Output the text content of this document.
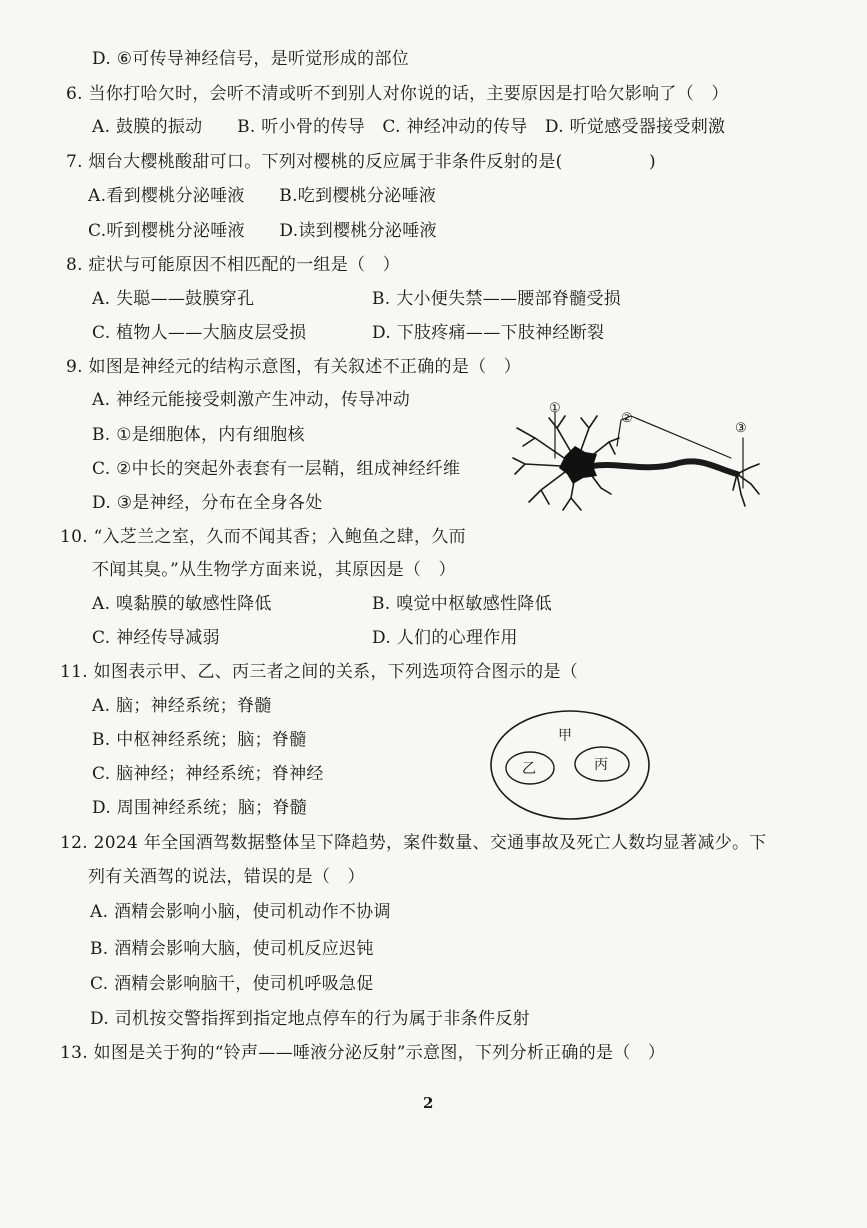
D. ⑥可传导神经信号，是听觉形成的部位
6. 当你打哈欠时，会听不清或听不到别人对你说的话，主要原因是打哈欠影响了（　）
A. 鼓膜的振动　　B. 听小骨的传导　C. 神经冲动的传导　D. 听觉感受器接受刺激
7. 烟台大樱桃酸甜可口。下列对樱桃的反应属于非条件反射的是(　　　　　)
A.看到樱桃分泌唾液　　B.吃到樱桃分泌唾液
C.听到樱桃分泌唾液　　D.读到樱桃分泌唾液
8. 症状与可能原因不相匹配的一组是（　）
A. 失聪——鼓膜穿孔	B. 大小便失禁——腰部脊髓受损
C. 植物人——大脑皮层受损	D. 下肢疼痛——下肢神经断裂
9. 如图是神经元的结构示意图，有关叙述不正确的是（　）
A. 神经元能接受刺激产生冲动，传导冲动
B. ①是细胞体，内有细胞核
C. ②中长的突起外表套有一层鞘，组成神经纤维
D. ③是神经，分布在全身各处
①
②
③
10. “入芝兰之室，久而不闻其香；入鲍鱼之肆，久而
不闻其臭。”从生物学方面来说，其原因是（　）
A. 嗅黏膜的敏感性降低	B. 嗅觉中枢敏感性降低
C. 神经传导减弱	D. 人们的心理作用
11. 如图表示甲、乙、丙三者之间的关系，下列选项符合图示的是（
A. 脑；神经系统；脊髓
B. 中枢神经系统；脑；脊髓
C. 脑神经；神经系统；脊神经
D. 周围神经系统；脑；脊髓
甲
乙	丙
12. 2024 年全国酒驾数据整体呈下降趋势，案件数量、交通事故及死亡人数均显著减少。下
列有关酒驾的说法，错误的是（　）
A. 酒精会影响小脑，使司机动作不协调
B. 酒精会影响大脑，使司机反应迟钝
C. 酒精会影响脑干，使司机呼吸急促
D. 司机按交警指挥到指定地点停车的行为属于非条件反射
13. 如图是关于狗的“铃声——唾液分泌反射”示意图，下列分析正确的是（　）
2
